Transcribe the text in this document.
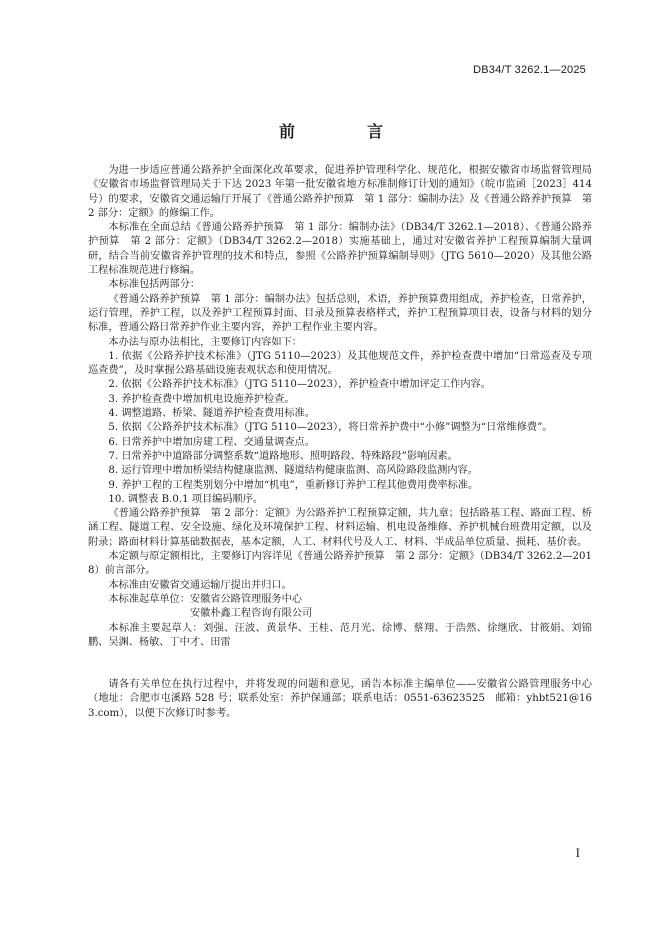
DB34/T 3262.1—2025
前　言

为进一步适应普通公路养护全面深化改革要求，促进养护管理科学化、规范化，根据安徽省市场监督管理局《安徽省市场监督管理局关于下达 2023 年第一批安徽省地方标准制修订计划的通知》（皖市监函［2023］414 号）的要求，安徽省交通运输厅开展了《普通公路养护预算　第 1 部分：编制办法》及《普通公路养护预算　第 2 部分：定额》的修编工作。

本标准在全面总结《普通公路养护预算　第 1 部分：编制办法》（DB34/T 3262.1—2018）、《普通公路养护预算　第 2 部分：定额》（DB34/T 3262.2—2018）实施基础上，通过对安徽省养护工程预算编制大量调研，结合当前安徽省养护管理的技术和特点，参照《公路养护预算编制导则》（JTG 5610—2020）及其他公路工程标准规范进行修编。

本标准包括两部分：

《普通公路养护预算　第 1 部分：编制办法》包括总则，术语，养护预算费用组成，养护检查，日常养护，运行管理，养护工程，以及养护工程预算封面、目录及预算表格样式，养护工程预算项目表，设备与材料的划分标准，普通公路日常养护作业主要内容，养护工程作业主要内容。

本办法与原办法相比，主要修订内容如下：

1. 依据《公路养护技术标准》（JTG 5110—2023）及其他规范文件，养护检查费中增加“日常巡查及专项巡查费”，及时掌握公路基础设施表观状态和使用情况。

2. 依据《公路养护技术标准》（JTG 5110—2023），养护检查中增加评定工作内容。

3. 养护检查费中增加机电设施养护检查。

4. 调整道路、桥梁、隧道养护检查费用标准。

5. 依据《公路养护技术标准》（JTG 5110—2023），将日常养护费中“小修”调整为“日常维修费”。

6. 日常养护中增加房建工程、交通量调查点。

7. 日常养护中道路部分调整系数“道路地形、照明路段、特殊路段”影响因素。

8. 运行管理中增加桥梁结构健康监测、隧道结构健康监测、高风险路段监测内容。

9. 养护工程的工程类别划分中增加“机电”，重新修订养护工程其他费用费率标准。

10. 调整表 B.0.1 项目编码顺序。

《普通公路养护预算　第 2 部分：定额》为公路养护工程预算定额，共九章；包括路基工程、路面工程、桥涵工程、隧道工程、安全设施、绿化及环境保护工程、材料运输、机电设备维修、养护机械台班费用定额，以及附录；路面材料计算基础数据表，基本定额，人工、材料代号及人工、材料、半成品单位质量、损耗、基价表。

本定额与原定额相比，主要修订内容详见《普通公路养护预算　第 2 部分：定额》（DB34/T 3262.2—2018）前言部分。

本标准由安徽省交通运输厅提出并归口。

本标准起草单位：安徽省公路管理服务中心

安徽朴鑫工程咨询有限公司

本标准主要起草人：刘强、汪波、黄景华、王桂、范月光、徐博、蔡翔、于浩然、徐继欣、甘筱娟、刘锦鹏、吴渊、杨敏、丁中才、田雷

请各有关单位在执行过程中，并将发现的问题和意见，函告本标准主编单位——安徽省公路管理服务中心（地址：合肥市屯溪路 528 号；联系处室：养护保通部；联系电话：0551-63623525　邮箱：yhbt521@163.com），以便下次修订时参考。

I
